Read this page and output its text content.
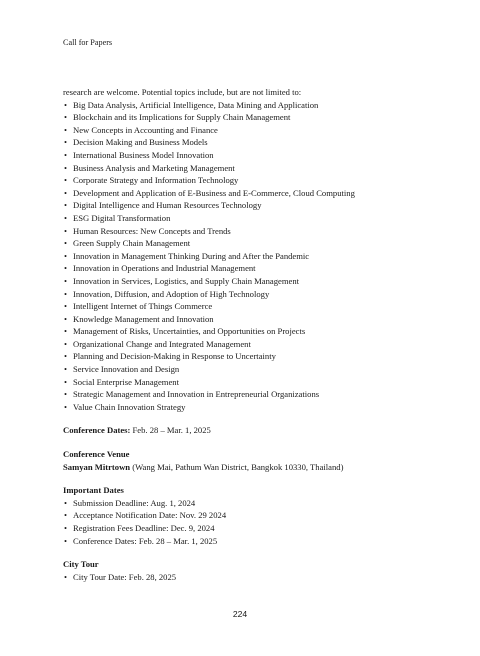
Call for Papers

research are welcome. Potential topics include, but are not limited to:

• Big Data Analysis, Artificial Intelligence, Data Mining and Application
• Blockchain and its Implications for Supply Chain Management
• New Concepts in Accounting and Finance
• Decision Making and Business Models
• International Business Model Innovation
• Business Analysis and Marketing Management
• Corporate Strategy and Information Technology
• Development and Application of E-Business and E-Commerce, Cloud Computing
• Digital Intelligence and Human Resources Technology
• ESG Digital Transformation
• Human Resources: New Concepts and Trends
• Green Supply Chain Management
• Innovation in Management Thinking During and After the Pandemic
• Innovation in Operations and Industrial Management
• Innovation in Services, Logistics, and Supply Chain Management
• Innovation, Diffusion, and Adoption of High Technology
• Intelligent Internet of Things Commerce
• Knowledge Management and Innovation
• Management of Risks, Uncertainties, and Opportunities on Projects
• Organizational Change and Integrated Management
• Planning and Decision-Making in Response to Uncertainty
• Service Innovation and Design
• Social Enterprise Management
• Strategic Management and Innovation in Entrepreneurial Organizations
• Value Chain Innovation Strategy

Conference Dates: Feb. 28 – Mar. 1, 2025

Conference Venue

Samyan Mitrtown (Wang Mai, Pathum Wan District, Bangkok 10330, Thailand)

Important Dates

• Submission Deadline: Aug. 1, 2024
• Acceptance Notification Date: Nov. 29 2024
• Registration Fees Deadline: Dec. 9, 2024
• Conference Dates: Feb. 28 – Mar. 1, 2025

City Tour

• City Tour Date: Feb. 28, 2025
224
